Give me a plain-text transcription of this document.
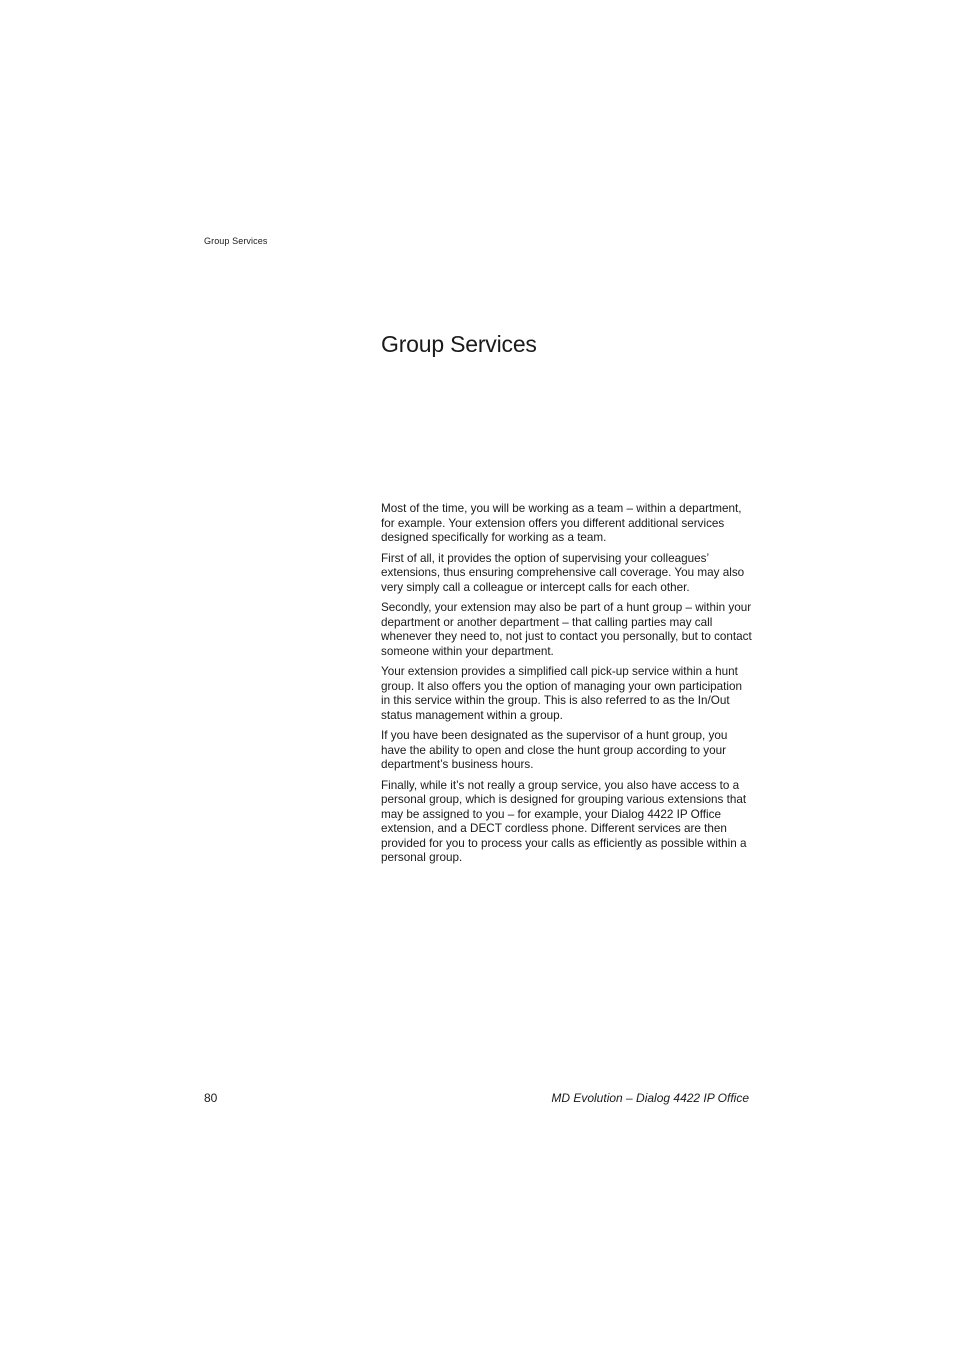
Group Services
Group Services

Most of the time, you will be working as a team – within a department, for example. Your extension offers you different additional services designed specifically for working as a team.

First of all, it provides the option of supervising your colleagues’ extensions, thus ensuring comprehensive call coverage. You may also very simply call a colleague or intercept calls for each other.

Secondly, your extension may also be part of a hunt group – within your department or another department – that calling parties may call whenever they need to, not just to contact you personally, but to contact someone within your department.

Your extension provides a simplified call pick-up service within a hunt group. It also offers you the option of managing your own participation in this service within the group. This is also referred to as the In/Out status management within a group.

If you have been designated as the supervisor of a hunt group, you have the ability to open and close the hunt group according to your department’s business hours.

Finally, while it’s not really a group service, you also have access to a personal group, which is designed for grouping various extensions that may be assigned to you – for example, your Dialog 4422 IP Office extension, and a DECT cordless phone. Different services are then provided for you to process your calls as efficiently as possible within a personal group.

80	MD Evolution – Dialog 4422 IP Office
